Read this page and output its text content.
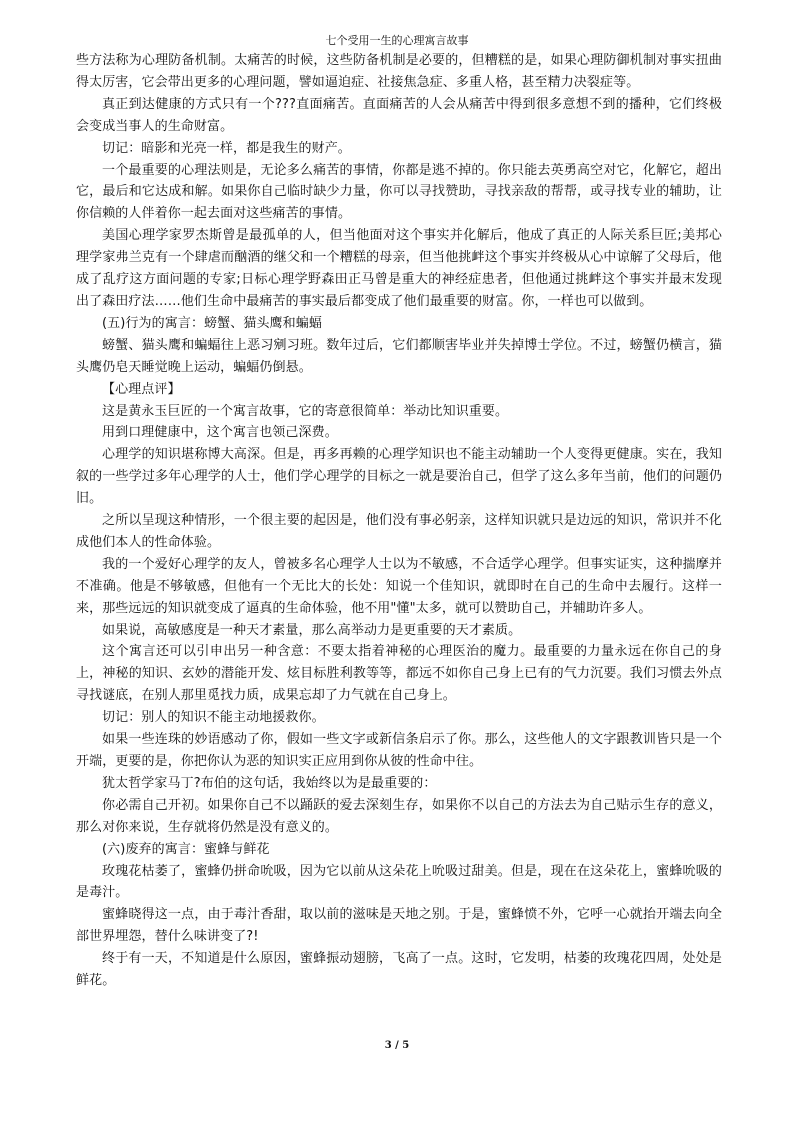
七个受用一生的心理寓言故事

些方法称为心理防备机制。太痛苦的时候，这些防备机制是必要的，但糟糕的是，如果心理防御机制对事实扭曲得太厉害，它会带出更多的心理问题，譬如逼迫症、社接焦急症、多重人格，甚至精力决裂症等。

真正到达健康的方式只有一个???直面痛苦。直面痛苦的人会从痛苦中得到很多意想不到的播种，它们终极会变成当事人的生命财富。

切记：暗影和光亮一样，都是我生的财产。

一个最重要的心理法则是，无论多么痛苦的事情，你都是逃不掉的。你只能去英勇高空对它，化解它，超出它，最后和它达成和解。如果你自己临时缺少力量，你可以寻找赞助，寻找亲敌的帮帮，或寻找专业的辅助，让你信赖的人伴着你一起去面对这些痛苦的事情。

美国心理学家罗杰斯曾是最孤单的人，但当他面对这个事实并化解后，他成了真正的人际关系巨匠;美邦心理学家弗兰克有一个肆虐而酗酒的继父和一个糟糕的母亲，但当他挑衅这个事实并终极从心中谅解了父母后，他成了乱疗这方面问题的专家;日标心理学野森田正马曾是重大的神经症患者，但他通过挑衅这个事实并最末发现出了森田疗法……他们生命中最痛苦的事实最后都变成了他们最重要的财富。你，一样也可以做到。

(五)行为的寓言：螃蟹、猫头鹰和蝙蝠

螃蟹、猫头鹰和蝙蝠往上恶习剜习班。数年过后，它们都顺害毕业并失掉博士学位。不过，螃蟹仍横言，猫头鹰仍皂天睡觉晚上运动，蝙蝠仍倒悬。

【心理点评】

这是黄永玉巨匠的一个寓言故事，它的寄意很简单：举动比知识重要。

用到口理健康中，这个寓言也领己深费。

心理学的知识堪称博大高深。但是，再多再赖的心理学知识也不能主动辅助一个人变得更健康。实在，我知叙的一些学过多年心理学的人士，他们学心理学的目标之一就是要治自己，但学了这么多年当前，他们的问题仍旧。

之所以呈现这种情形，一个很主要的起因是，他们没有事必躬亲，这样知识就只是边远的知识，常识并不化成他们本人的性命体验。

我的一个爱好心理学的友人，曾被多名心理学人士以为不敏感，不合适学心理学。但事实证实，这种揣摩并不准确。他是不够敏感，但他有一个无比大的长处：知说一个佳知识，就即时在自己的生命中去履行。这样一来，那些远远的知识就变成了逼真的生命体验，他不用"懂"太多，就可以赞助自己，并辅助许多人。

如果说，高敏感度是一种天才素量，那么高举动力是更重要的天才素质。

这个寓言还可以引申出另一种含意：不要太指着神秘的心理医治的魔力。最重要的力量永远在你自己的身上，神秘的知识、玄妙的潜能开发、炫目标胜利教等等，都远不如你自己身上已有的气力沉要。我们习惯去外点寻找谜底，在别人那里觅找力质，成果忘却了力气就在自己身上。

切记：别人的知识不能主动地援救你。

如果一些连珠的妙语感动了你，假如一些文字或新信条启示了你。那么，这些他人的文字跟教训皆只是一个开端，更要的是，你把你认为恶的知识实正应用到你从彼的性命中往。

犹太哲学家马丁?布伯的这句话，我始终以为是最重要的：

你必需自己开初。如果你自己不以踊跃的爱去深刻生存，如果你不以自己的方法去为自己贴示生存的意义，那么对你来说，生存就将仍然是没有意义的。

(六)废弃的寓言：蜜蜂与鲜花

玫瑰花枯萎了，蜜蜂仍拼命吮吸，因为它以前从这朵花上吮吸过甜美。但是，现在在这朵花上，蜜蜂吮吸的是毒汁。

蜜蜂晓得这一点，由于毒汁香甜，取以前的滋味是天地之别。于是，蜜蜂愤不外，它呼一心就抬开端去向全部世界埋怨，替什么味讲变了?!

终于有一天，不知道是什么原因，蜜蜂振动翅膀，飞高了一点。这时，它发明，枯萎的玫瑰花四周，处处是鲜花。

3 / 5
